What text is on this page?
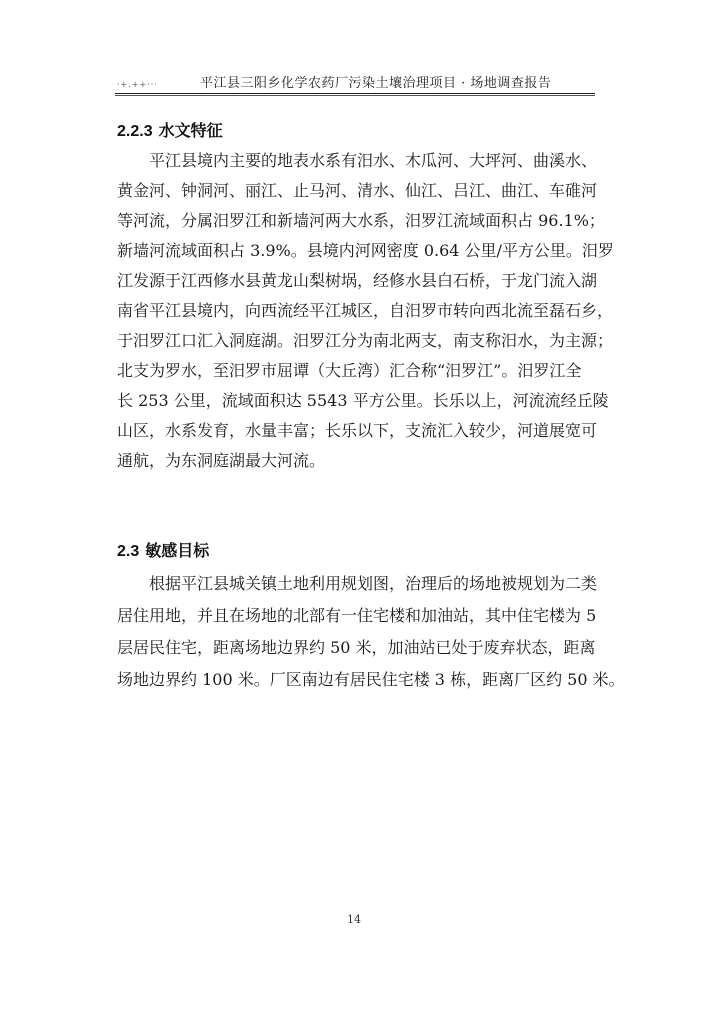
·+.++···	平江县三阳乡化学农药厂污染土壤治理项目 · 场地调查报告
2.2.3 水文特征
平江县境内主要的地表水系有汨水、木瓜河、大坪河、曲溪水、
黄金河、钟洞河、丽江、止马河、清水、仙江、吕江、曲江、车碓河
等河流，分属汨罗江和新墙河两大水系，汨罗江流域面积占 96.1%；
新墙河流域面积占 3.9%。县境内河网密度 0.64 公里/平方公里。汨罗
江发源于江西修水县黄龙山梨树埚，经修水县白石桥，于龙门流入湖
南省平江县境内，向西流经平江城区，自汨罗市转向西北流至磊石乡，
于汨罗江口汇入洞庭湖。汨罗江分为南北两支，南支称汨水，为主源；
北支为罗水，至汨罗市屈谭（大丘湾）汇合称“汨罗江”。汨罗江全
长 253 公里，流域面积达 5543 平方公里。长乐以上，河流流经丘陵
山区，水系发育，水量丰富；长乐以下，支流汇入较少，河道展宽可
通航，为东洞庭湖最大河流。
2.3 敏感目标
根据平江县城关镇土地利用规划图，治理后的场地被规划为二类
居住用地，并且在场地的北部有一住宅楼和加油站，其中住宅楼为 5
层居民住宅，距离场地边界约 50 米，加油站已处于废弃状态，距离
场地边界约 100 米。厂区南边有居民住宅楼 3 栋，距离厂区约 50 米。
14
